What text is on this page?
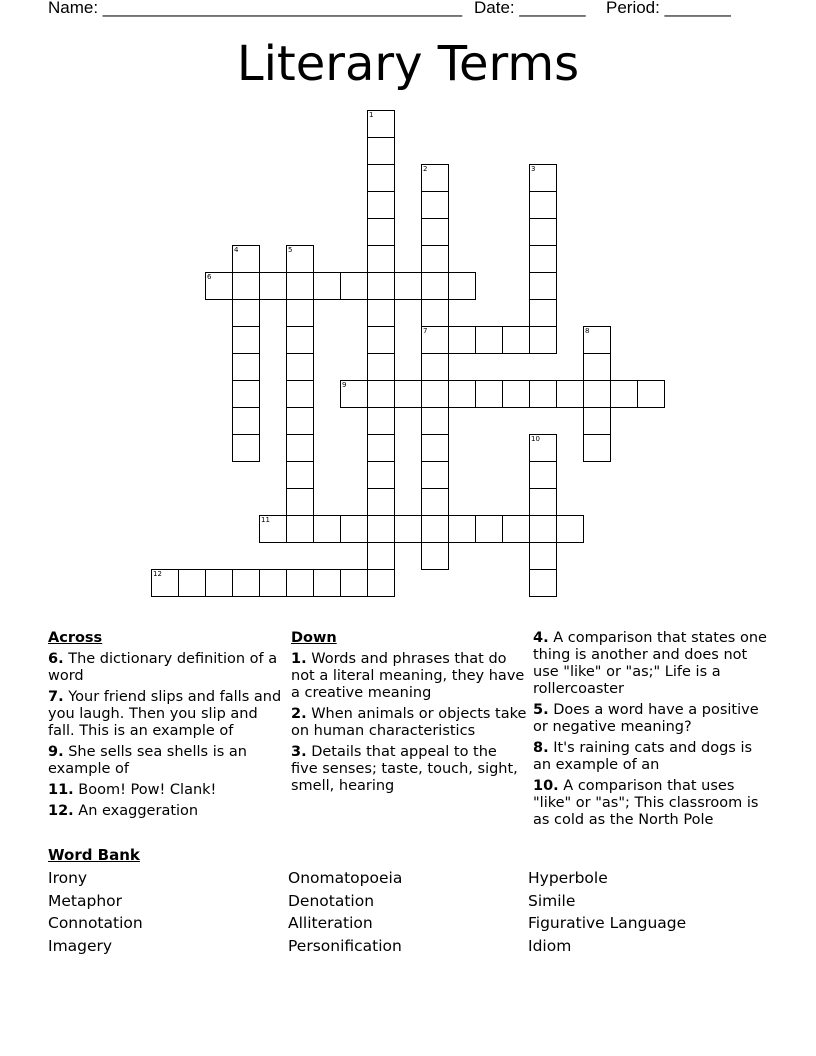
Name: ______________________________________ Date: _______ Period: _______
Literary Terms
1
2
7
3
4	5
6
8
9
10
11
12
Across
6. The dictionary definition of a word
7. Your friend slips and falls and you laugh. Then you slip and fall. This is an example of
9. She sells sea shells is an example of
11. Boom! Pow! Clank!
12. An exaggeration
Down
1. Words and phrases that do not a literal meaning, they have a creative meaning
2. When animals or objects take on human characteristics
3. Details that appeal to the five senses; taste, touch, sight, smell, hearing
4. A comparison that states one thing is another and does not use "like" or "as;" Life is a rollercoaster
5. Does a word have a positive or negative meaning?
8. It's raining cats and dogs is an example of an
10. A comparison that uses "like" or "as"; This classroom is as cold as the North Pole
Word Bank
Irony	Onomatopoeia	Hyperbole
Metaphor	Denotation	Simile
Connotation	Alliteration	Figurative Language
Imagery	Personification	Idiom
